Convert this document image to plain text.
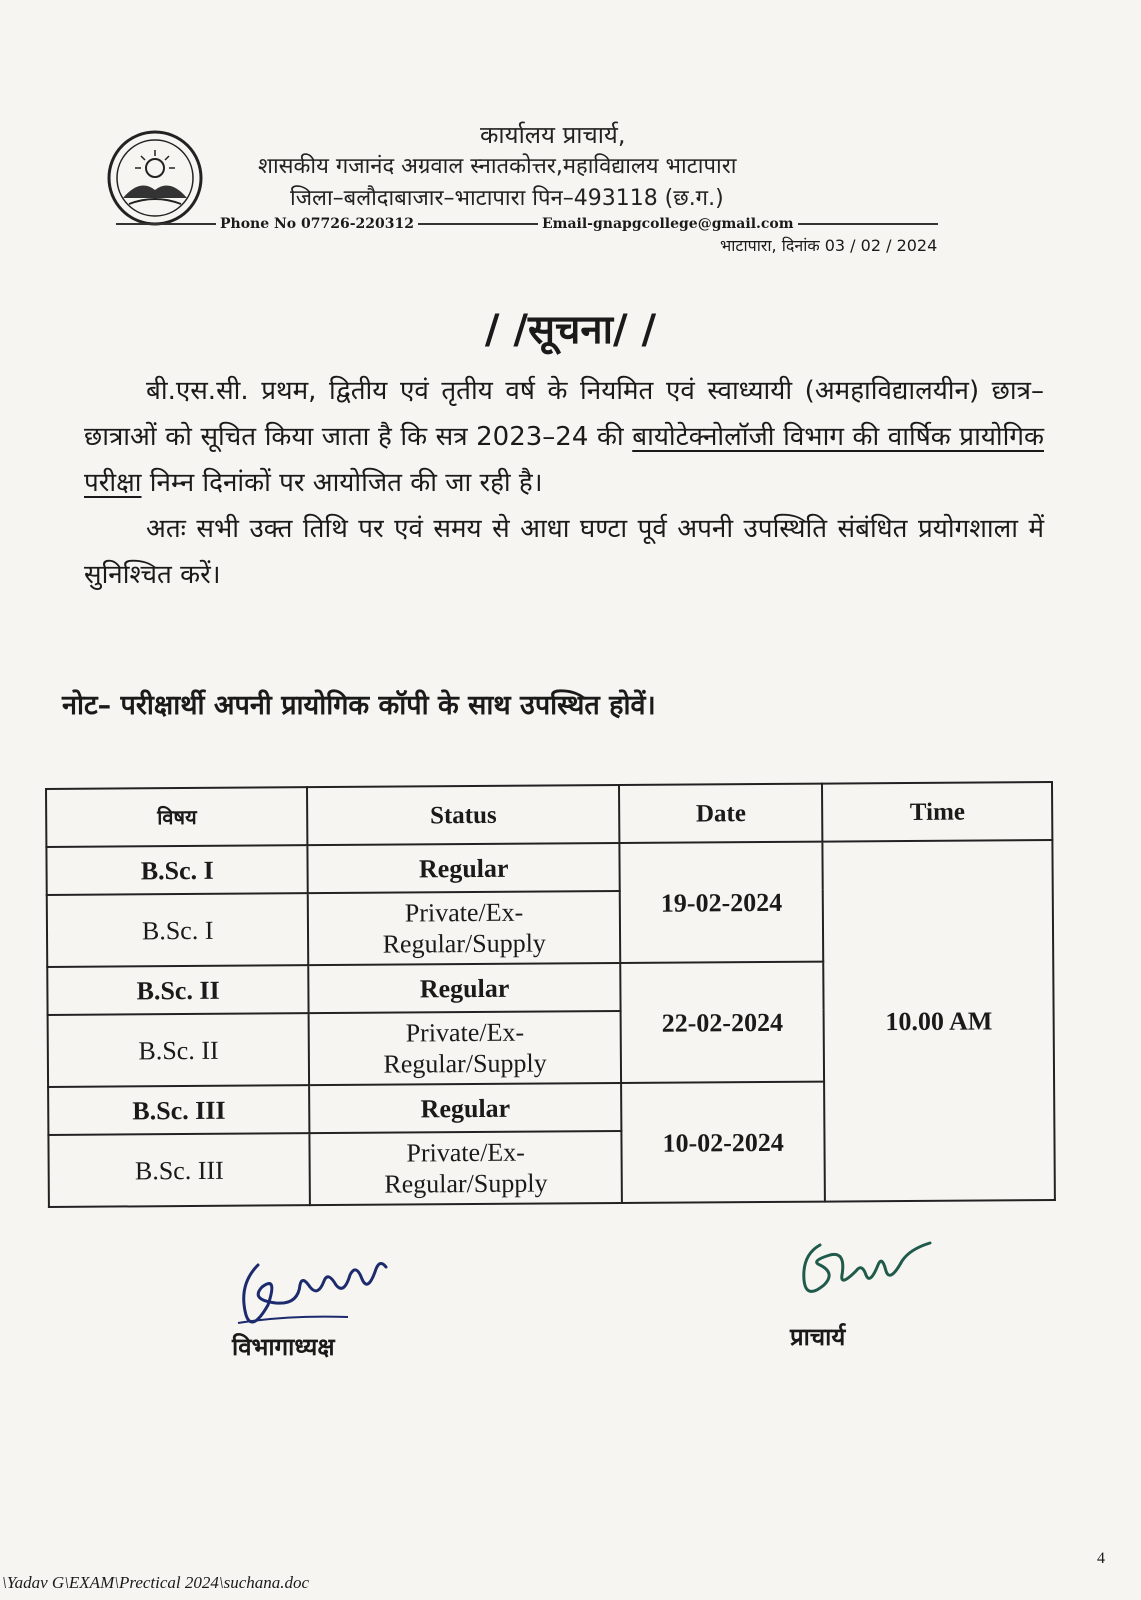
कार्यालय प्राचार्य,
शासकीय गजानंद अग्रवाल स्नातकोत्तर,महाविद्यालय भाटापारा
जिला–बलौदाबाजार–भाटापारा पिन–493118 (छ.ग.)
Phone No 07726-220312	Email-gnapgcollege@gmail.com
भाटापारा, दिनांक 03 / 02 / 2024
/ /सूचना/ /

बी.एस.सी. प्रथम, द्वितीय एवं तृतीय वर्ष के नियमित एवं स्वाध्यायी (अमहाविद्यालयीन) छात्र–छात्राओं को सूचित किया जाता है कि सत्र 2023–24 की बायोटेक्नोलॉजी विभाग की वार्षिक प्रायोगिक परीक्षा निम्न दिनांकों पर आयोजित की जा रही है।

अतः सभी उक्त तिथि पर एवं समय से आधा घण्टा पूर्व अपनी उपस्थिति संबंधित प्रयोगशाला में सुनिश्चित करें।

नोट– परीक्षार्थी अपनी प्रायोगिक कॉपी के साथ उपस्थित होवें।
विषय	Status	Date	Time
B.Sc. I	Regular	19-02-2024	10.00 AM
B.Sc. I	Private/Ex-
Regular/Supply		
B.Sc. II	Regular	22-02-2024	
B.Sc. II	Private/Ex-
Regular/Supply		
B.Sc. III	Regular	10-02-2024	
B.Sc. III	Private/Ex-
Regular/Supply		
विभागाध्यक्ष	प्राचार्य
\Yadav G\EXAM\Prectical 2024\suchana.doc
4
